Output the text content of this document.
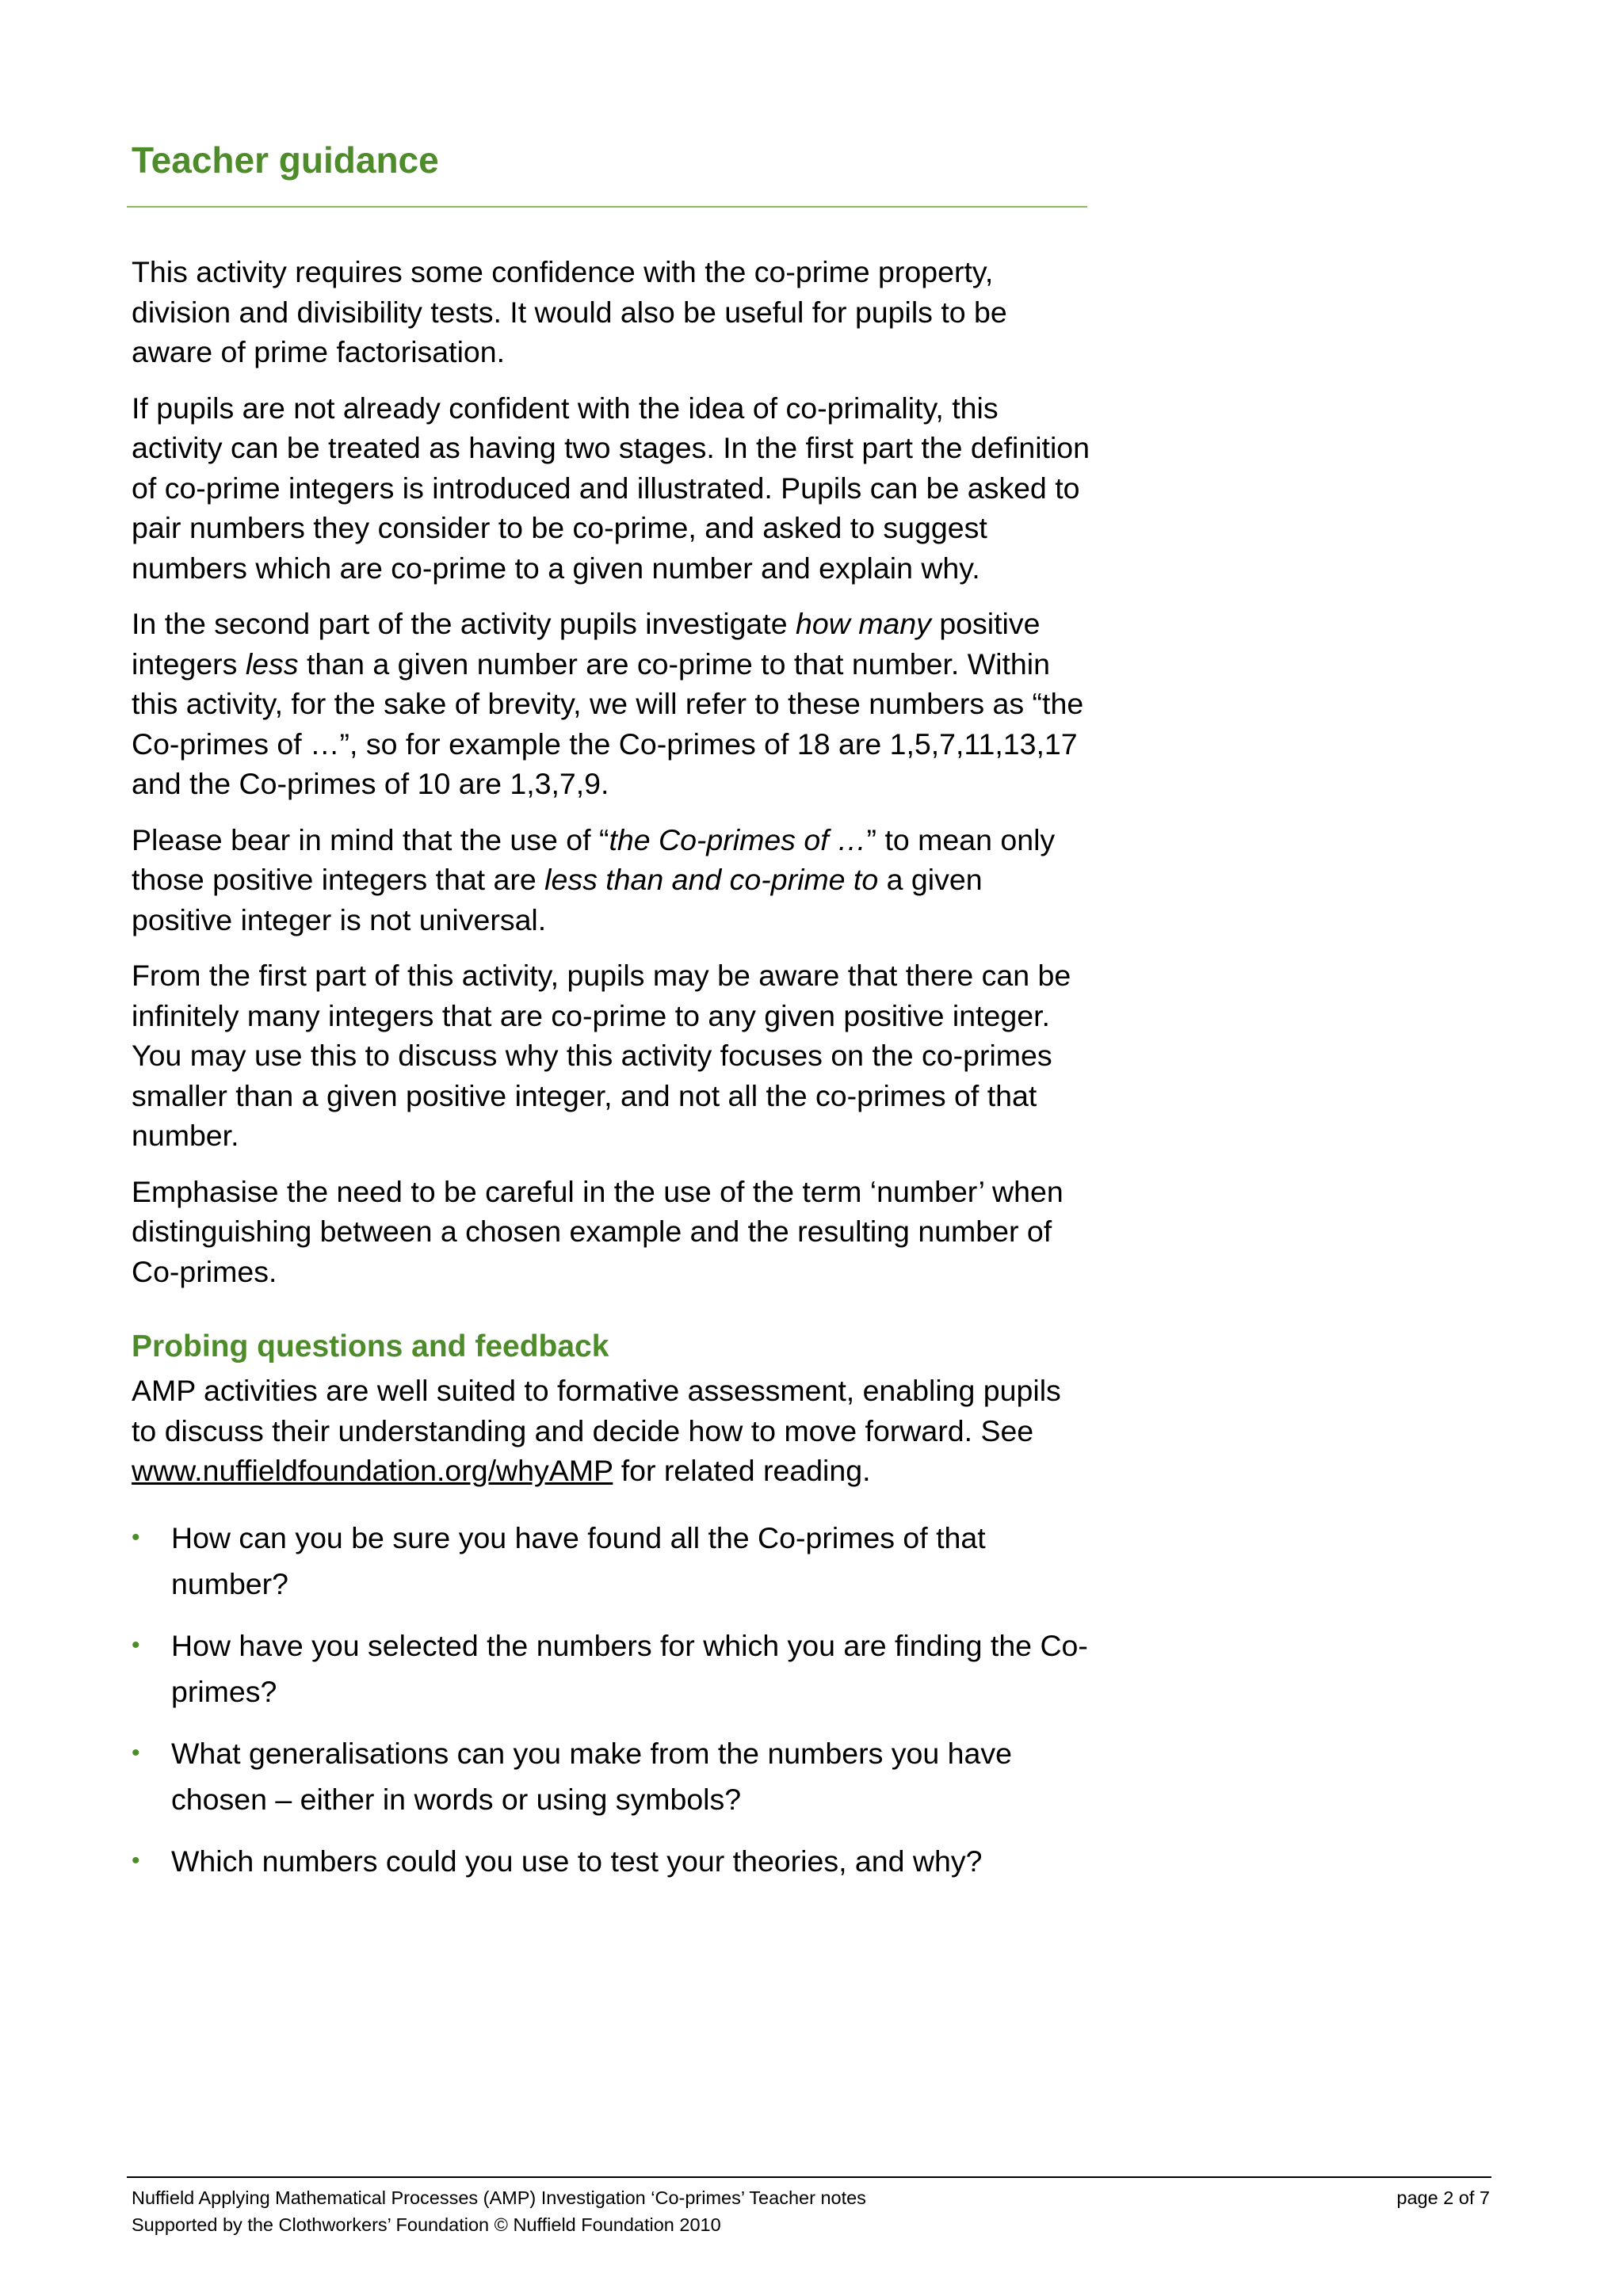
Teacher guidance

This activity requires some confidence with the co-prime property, division and divisibility tests. It would also be useful for pupils to be aware of prime factorisation.

If pupils are not already confident with the idea of co-primality, this activity can be treated as having two stages. In the first part the definition of co-prime integers is introduced and illustrated. Pupils can be asked to pair numbers they consider to be co-prime, and asked to suggest numbers which are co-prime to a given number and explain why.

In the second part of the activity pupils investigate how many positive integers less than a given number are co-prime to that number. Within this activity, for the sake of brevity, we will refer to these numbers as “the Co-primes of …”, so for example the Co-primes of 18 are 1,5,7,11,13,17 and the Co-primes of 10 are 1,3,7,9.

Please bear in mind that the use of “the Co-primes of …” to mean only those positive integers that are less than and co-prime to a given positive integer is not universal.

From the first part of this activity, pupils may be aware that there can be infinitely many integers that are co-prime to any given positive integer. You may use this to discuss why this activity focuses on the co-primes smaller than a given positive integer, and not all the co-primes of that number.

Emphasise the need to be careful in the use of the term ‘number’ when distinguishing between a chosen example and the resulting number of Co-primes.

Probing questions and feedback

AMP activities are well suited to formative assessment, enabling pupils to discuss their understanding and decide how to move forward. See www.nuffieldfoundation.org/whyAMP for related reading.

• How can you be sure you have found all the Co-primes of that number?
• How have you selected the numbers for which you are finding the Co-primes?
• What generalisations can you make from the numbers you have chosen – either in words or using symbols?
• Which numbers could you use to test your theories, and why?
Nuffield Applying Mathematical Processes (AMP) Investigation ‘Co-primes’ Teacher notes
Supported by the Clothworkers’ Foundation © Nuffield Foundation 2010
page 2 of 7
